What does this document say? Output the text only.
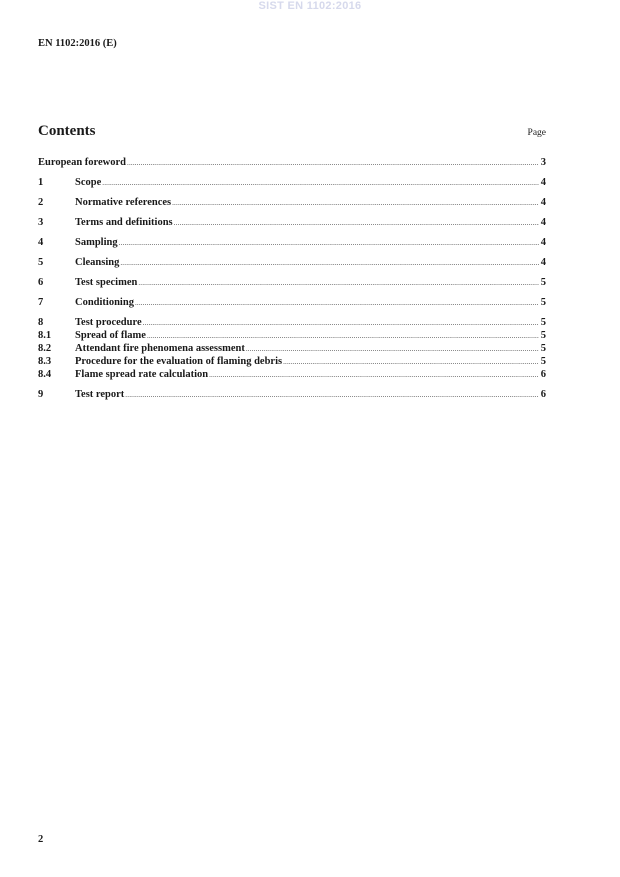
SIST EN 1102:2016
EN 1102:2016 (E)
Contents	Page
European foreword .....	3
1	Scope .....	4
2	Normative references .....	4
3	Terms and definitions .....	4
4	Sampling .....	4
5	Cleansing .....	4
6	Test specimen .....	5
7	Conditioning .....	5
8	Test procedure .....	5
8.1	Spread of flame .....	5
8.2	Attendant fire phenomena assessment .....	5
8.3	Procedure for the evaluation of flaming debris .....	5
8.4	Flame spread rate calculation .....	6
9	Test report .....	6
2
